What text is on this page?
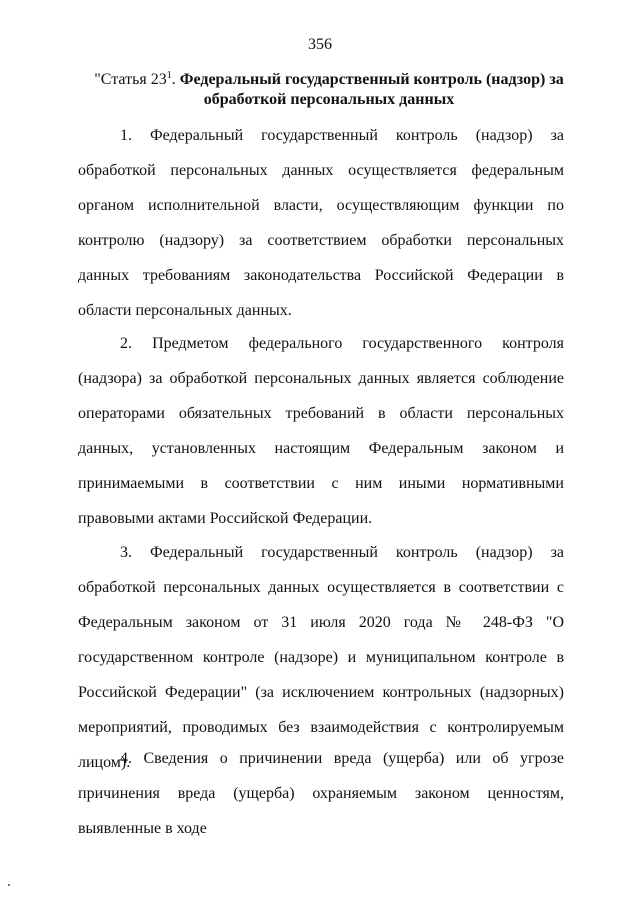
356
"Статья $23^1$. Федеральный государственный контроль (надзор) за обработкой персональных данных

1. Федеральный государственный контроль (надзор) за обработкой персональных данных осуществляется федеральным органом исполнительной власти, осуществляющим функции по контролю (надзору) за соответствием обработки персональных данных требованиям законодательства Российской Федерации в области персональных данных.

2. Предметом федерального государственного контроля (надзора) за обработкой персональных данных является соблюдение операторами обязательных требований в области персональных данных, установленных настоящим Федеральным законом и принимаемыми в соответствии с ним иными нормативными правовыми актами Российской Федерации.

3. Федеральный государственный контроль (надзор) за обработкой персональных данных осуществляется в соответствии с Федеральным законом от 31 июля 2020 года № 248-ФЗ "О государственном контроле (надзоре) и муниципальном контроле в Российской Федерации" (за исключением контрольных (надзорных) мероприятий, проводимых без взаимодействия с контролируемым лицом).

4. Сведения о причинении вреда (ущерба) или об угрозе причинения вреда (ущерба) охраняемым законом ценностям, выявленные в ходе
